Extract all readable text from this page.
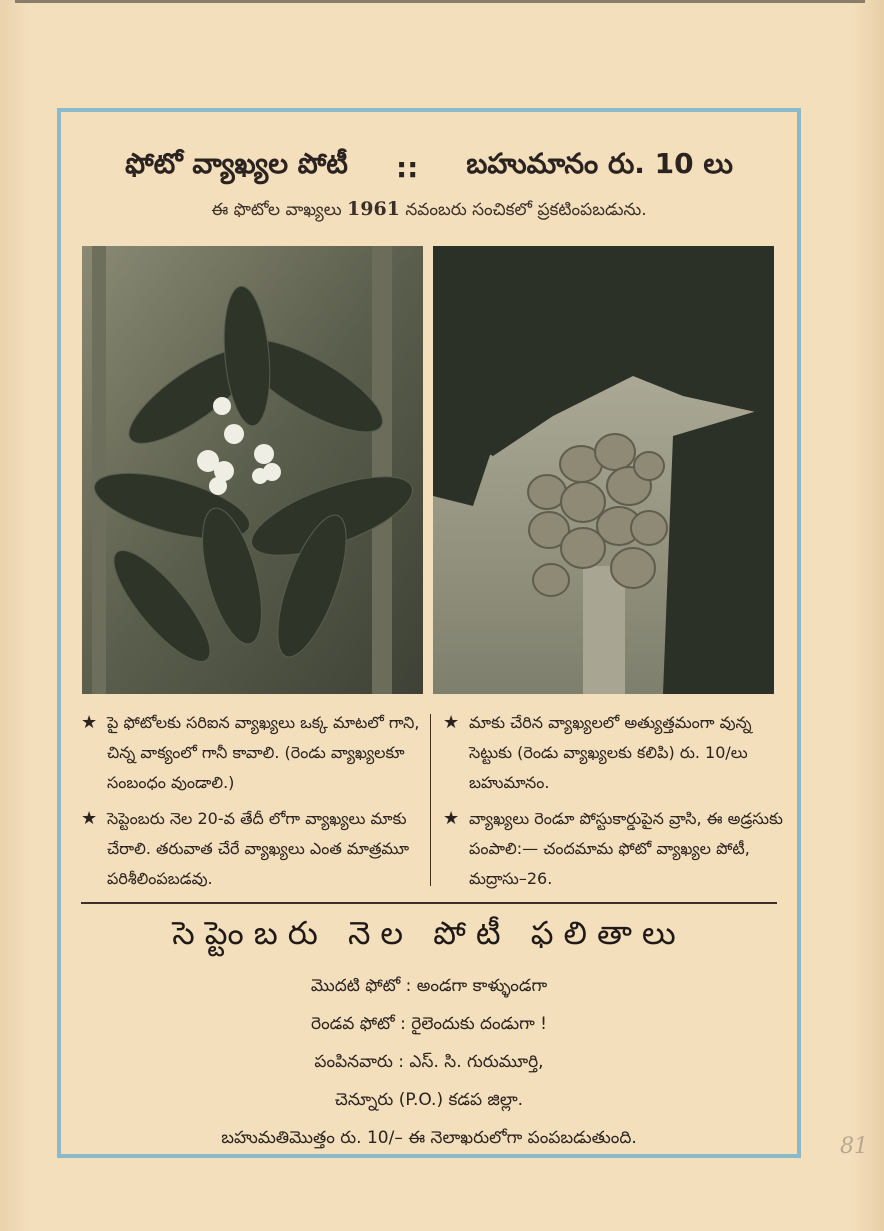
ఫోటో వ్యాఖ్యల పోటీ :: బహుమానం రు. 10 లు
ఈ ఫొటోల వాఖ్యలు 1961 నవంబరు సంచికలో ప్రకటింపబడును.
★ పై ఫోటోలకు సరిఐన వ్యాఖ్యలు ఒక్క మాటలో గాని, చిన్న వాక్యంలో గానీ కావాలి. (రెండు వ్యాఖ్యలకూ సంబంధం వుండాలి.)
★ సెప్టెంబరు నెల 20-వ తేదీ లోగా వ్యాఖ్యలు మాకు చేరాలి. తరువాత చేరే వ్యాఖ్యలు ఎంత మాత్రమూ పరిశీలింపబడవు.
★ మాకు చేరిన వ్యాఖ్యలలో అత్యుత్తమంగా వున్న సెట్టుకు (రెండు వ్యాఖ్యలకు కలిపి) రు. 10/లు బహుమానం.
★ వ్యాఖ్యలు రెండూ పోస్టుకార్డుపైన వ్రాసి, ఈ అడ్రసుకు పంపాలి:— చందమామ ఫోటో వ్యాఖ్యల పోటీ, మద్రాసు–26.
సెప్టెంబరు నెల పోటీ ఫలితాలు
మొదటి ఫోటో : అండగా కాళ్ళుండగా
రెండవ ఫోటో : రైలెందుకు దండుగా !
పంపినవారు : ఎస్. సి. గురుమూర్తి,
చెన్నూరు (P.O.) కడప జిల్లా.
బహుమతిమొత్తం రు. 10/– ఈ నెలాఖరులోగా పంపబడుతుంది.	81
